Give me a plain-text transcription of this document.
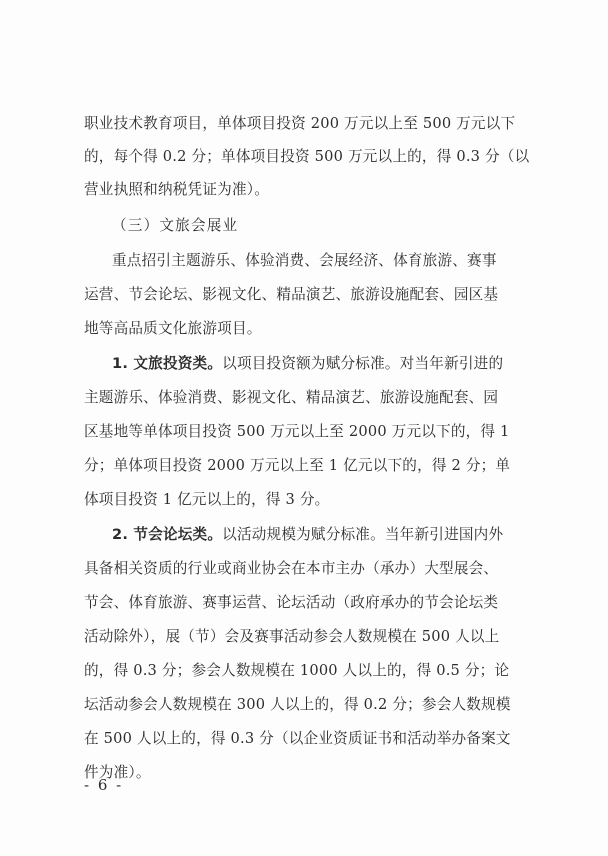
职业技术教育项目，单体项目投资 200 万元以上至 500 万元以下
的，每个得 0.2 分；单体项目投资 500 万元以上的，得 0.3 分（以
营业执照和纳税凭证为准）。
（三）文旅会展业
重点招引主题游乐、体验消费、会展经济、体育旅游、赛事
运营、节会论坛、影视文化、精品演艺、旅游设施配套、园区基
地等高品质文化旅游项目。
1. 文旅投资类。以项目投资额为赋分标准。对当年新引进的
主题游乐、体验消费、影视文化、精品演艺、旅游设施配套、园
区基地等单体项目投资 500 万元以上至 2000 万元以下的，得 1
分；单体项目投资 2000 万元以上至 1 亿元以下的，得 2 分；单
体项目投资 1 亿元以上的，得 3 分。
2. 节会论坛类。以活动规模为赋分标准。当年新引进国内外
具备相关资质的行业或商业协会在本市主办（承办）大型展会、
节会、体育旅游、赛事运营、论坛活动（政府承办的节会论坛类
活动除外），展（节）会及赛事活动参会人数规模在 500 人以上
的，得 0.3 分；参会人数规模在 1000 人以上的，得 0.5 分；论
坛活动参会人数规模在 300 人以上的，得 0.2 分；参会人数规模
在 500 人以上的，得 0.3 分（以企业资质证书和活动举办备案文
件为准）。
- 6 -
